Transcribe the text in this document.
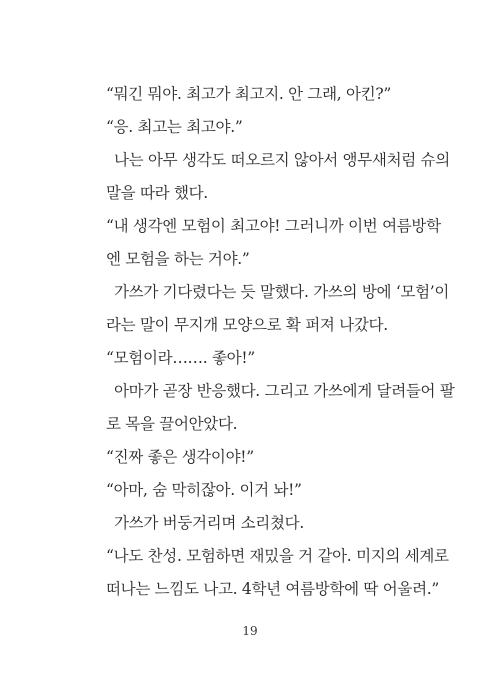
“뭐긴 뭐야. 최고가 최고지. 안 그래, 아킨?”

“응. 최고는 최고야.”

나는 아무 생각도 떠오르지 않아서 앵무새처럼 슈의
말을 따라 했다.

“내 생각엔 모험이 최고야! 그러니까 이번 여름방학
엔 모험을 하는 거야.”

가쓰가 기다렸다는 듯 말했다. 가쓰의 방에 ‘모험’이
라는 말이 무지개 모양으로 확 퍼져 나갔다.

“모험이라……. 좋아!”

아마가 곧장 반응했다. 그리고 가쓰에게 달려들어 팔
로 목을 끌어안았다.

“진짜 좋은 생각이야!”

“아마, 숨 막히잖아. 이거 놔!”

가쓰가 버둥거리며 소리쳤다.

“나도 찬성. 모험하면 재밌을 거 같아. 미지의 세계로
떠나는 느낌도 나고. 4학년 여름방학에 딱 어울려.”

19
